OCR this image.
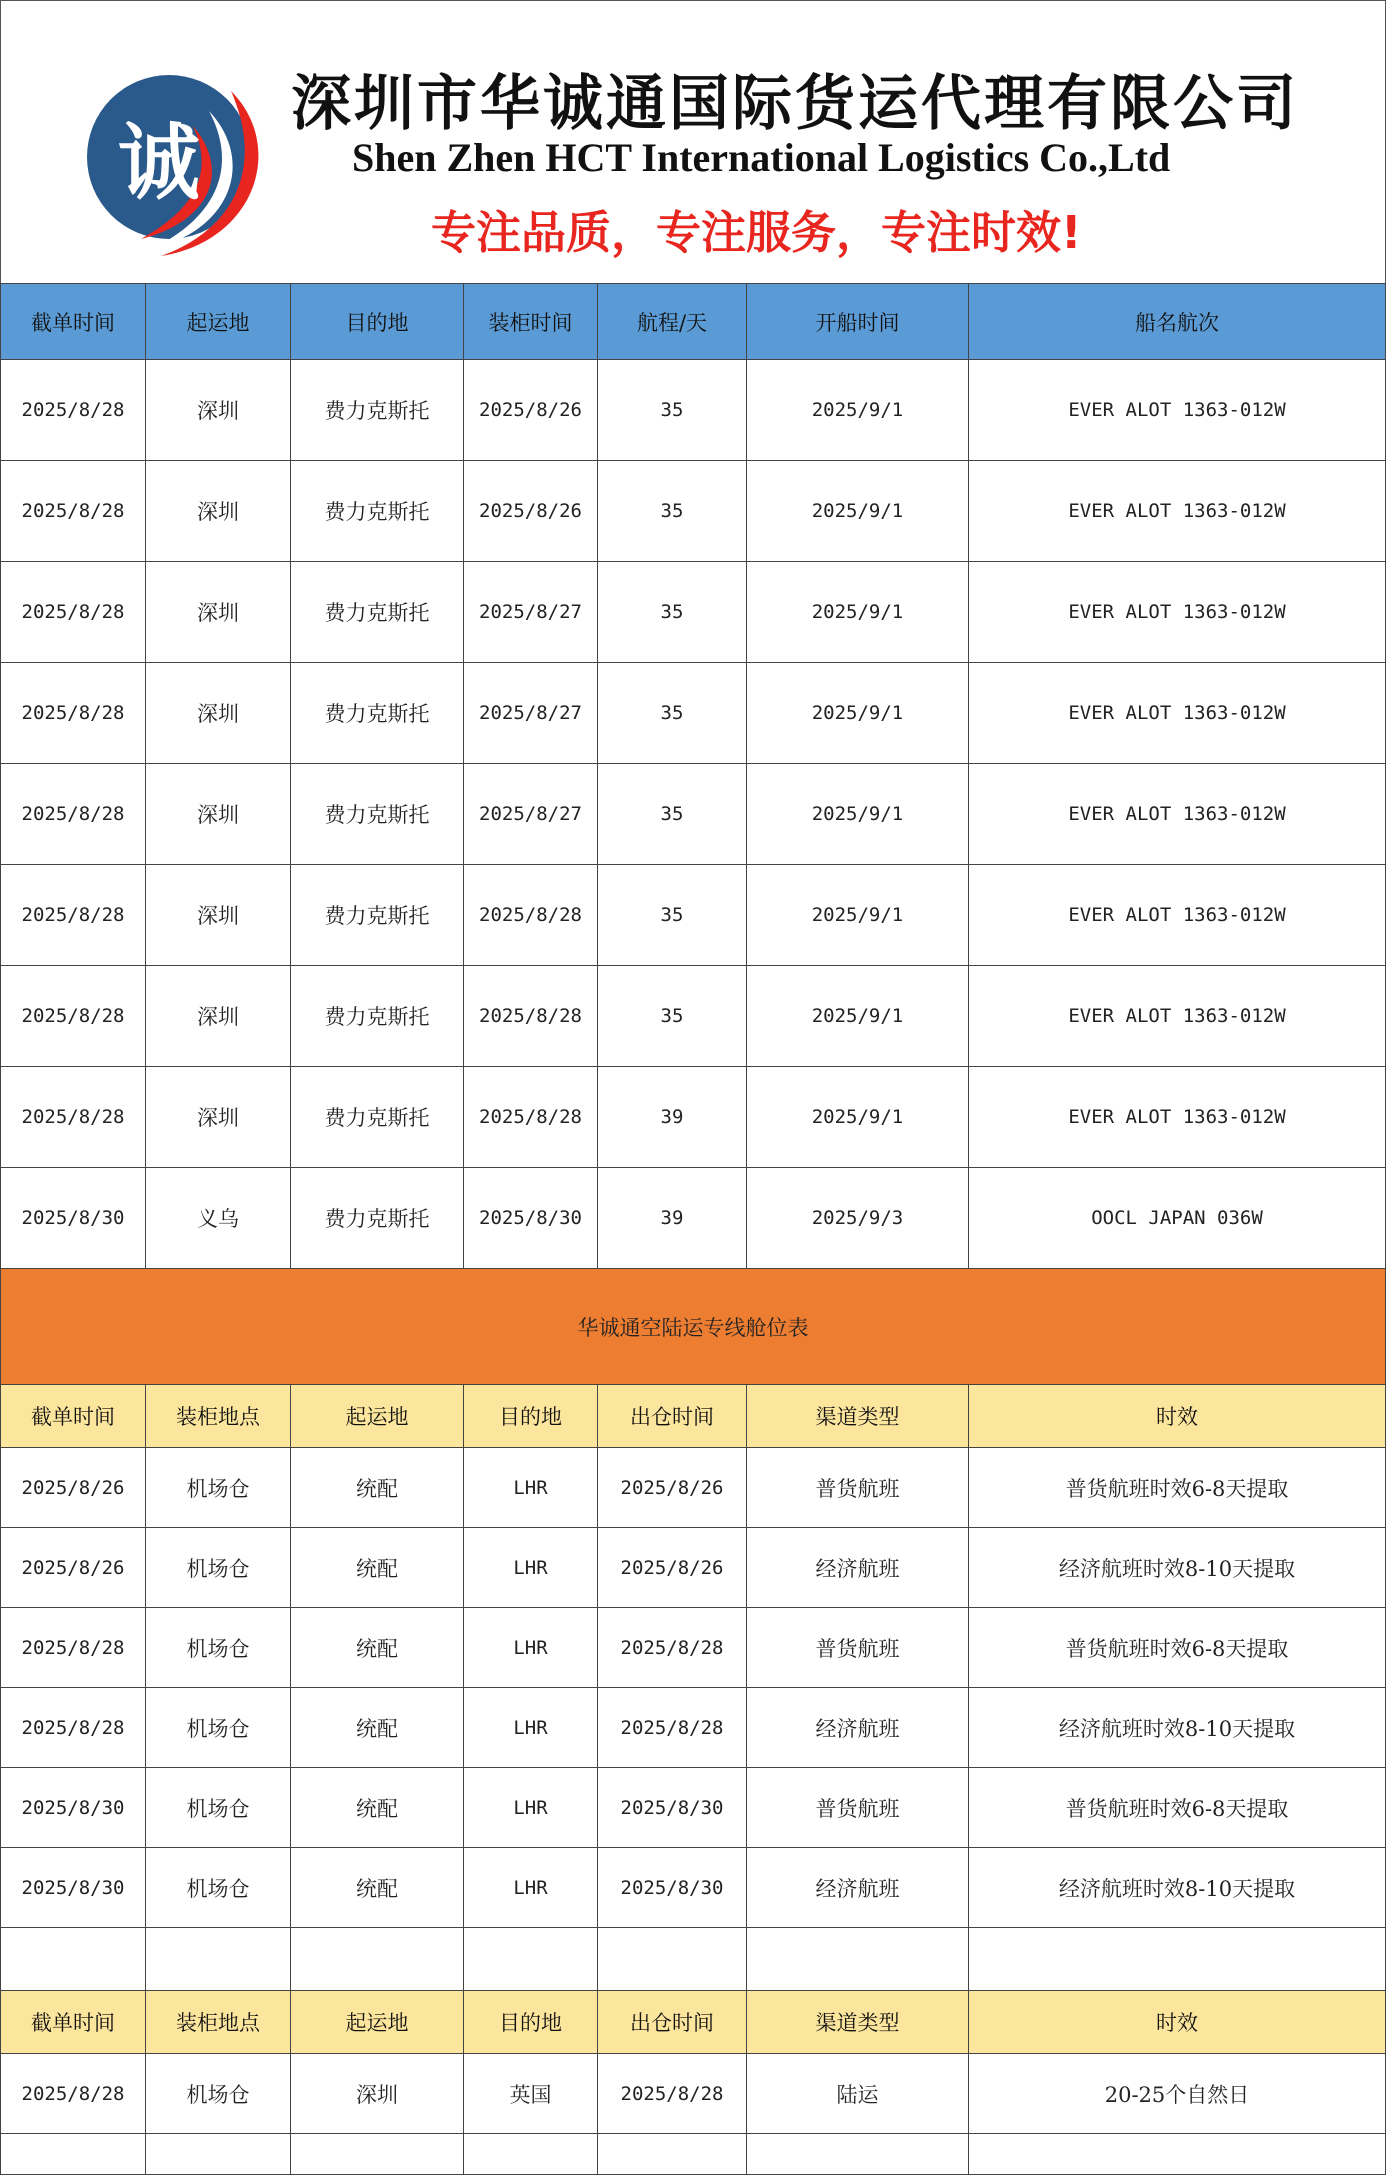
诚
深圳市华诚通国际货运代理有限公司
Shen Zhen HCT International Logistics Co.,Ltd
专注品质，专注服务，专注时效!
截单时间	起运地	目的地	装柜时间	航程/天	开船时间	船名航次
2025/8/28	深圳	费力克斯托	2025/8/26	35	2025/9/1	EVER ALOT 1363-012W
2025/8/28	深圳	费力克斯托	2025/8/26	35	2025/9/1	EVER ALOT 1363-012W
2025/8/28	深圳	费力克斯托	2025/8/27	35	2025/9/1	EVER ALOT 1363-012W
2025/8/28	深圳	费力克斯托	2025/8/27	35	2025/9/1	EVER ALOT 1363-012W
2025/8/28	深圳	费力克斯托	2025/8/27	35	2025/9/1	EVER ALOT 1363-012W
2025/8/28	深圳	费力克斯托	2025/8/28	35	2025/9/1	EVER ALOT 1363-012W
2025/8/28	深圳	费力克斯托	2025/8/28	35	2025/9/1	EVER ALOT 1363-012W
2025/8/28	深圳	费力克斯托	2025/8/28	39	2025/9/1	EVER ALOT 1363-012W
2025/8/30	义乌	费力克斯托	2025/8/30	39	2025/9/3	OOCL JAPAN 036W
华诚通空陆运专线舱位表						
截单时间	装柜地点	起运地	目的地	出仓时间	渠道类型	时效
2025/8/26	机场仓	统配	LHR	2025/8/26	普货航班	普货航班时效6-8天提取
2025/8/26	机场仓	统配	LHR	2025/8/26	经济航班	经济航班时效8-10天提取
2025/8/28	机场仓	统配	LHR	2025/8/28	普货航班	普货航班时效6-8天提取
2025/8/28	机场仓	统配	LHR	2025/8/28	经济航班	经济航班时效8-10天提取
2025/8/30	机场仓	统配	LHR	2025/8/30	普货航班	普货航班时效6-8天提取
2025/8/30	机场仓	统配	LHR	2025/8/30	经济航班	经济航班时效8-10天提取

截单时间	装柜地点	起运地	目的地	出仓时间	渠道类型	时效
2025/8/28	机场仓	深圳	英国	2025/8/28	陆运	20-25个自然日
